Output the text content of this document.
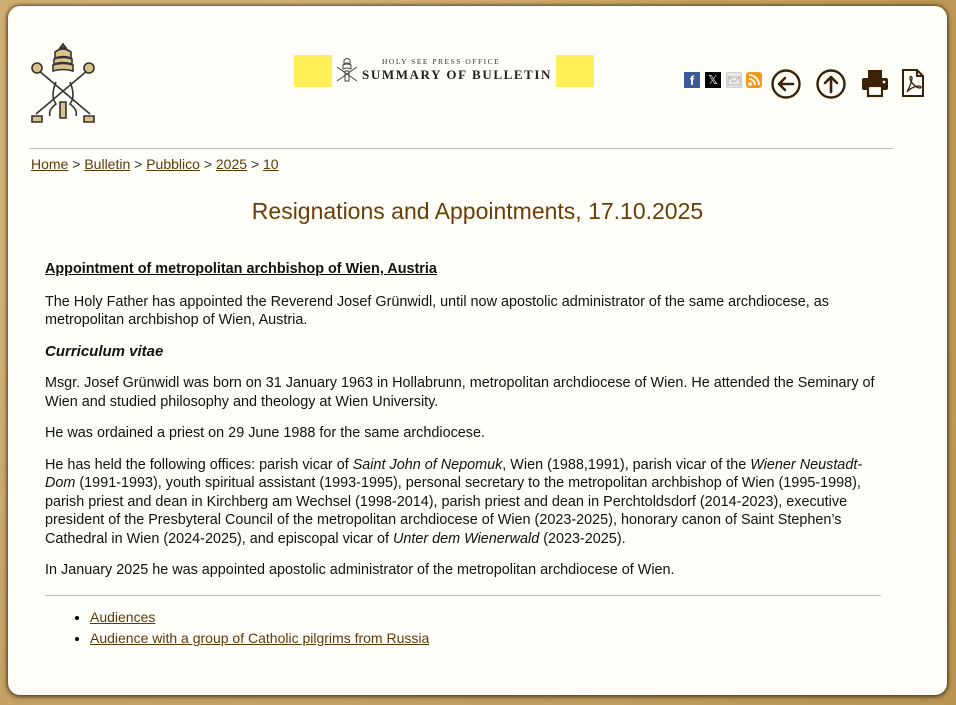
HOLY SEE PRESS OFFICE
SUMMARY OF BULLETIN	f	𝕏
Home > Bulletin > Pubblico > 2025 > 10
Resignations and Appointments, 17.10.2025

Appointment of metropolitan archbishop of Wien, Austria

The Holy Father has appointed the Reverend Josef Grünwidl, until now apostolic administrator of the same archdiocese, as metropolitan archbishop of Wien, Austria.

Curriculum vitae

Msgr. Josef Grünwidl was born on 31 January 1963 in Hollabrunn, metropolitan archdiocese of Wien. He attended the Seminary of Wien and studied philosophy and theology at Wien University.

He was ordained a priest on 29 June 1988 for the same archdiocese.

He has held the following offices: parish vicar of Saint John of Nepomuk, Wien (1988,1991), parish vicar of the Wiener Neustadt-Dom (1991-1993), youth spiritual assistant (1993-1995), personal secretary to the metropolitan archbishop of Wien (1995-1998), parish priest and dean in Kirchberg am Wechsel (1998-2014), parish priest and dean in Perchtoldsdorf (2014-2023), executive president of the Presbyteral Council of the metropolitan archdiocese of Wien (2023-2025), honorary canon of Saint Stephen’s Cathedral in Wien (2024-2025), and episcopal vicar of Unter dem Wienerwald (2023-2025).

In January 2025 he was appointed apostolic administrator of the metropolitan archdiocese of Wien.

• Audiences
• Audience with a group of Catholic pilgrims from Russia
